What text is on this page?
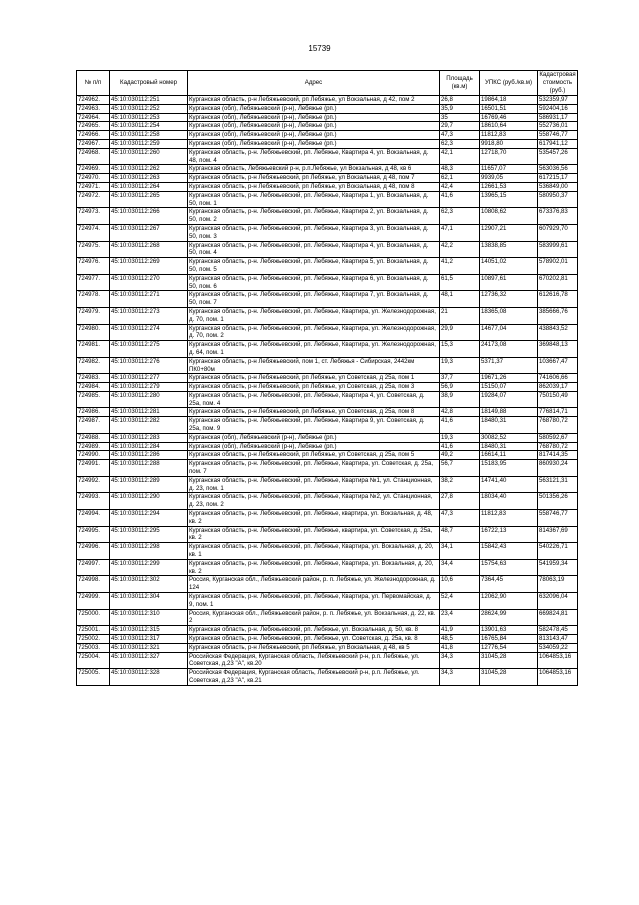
15739
№ п/п	Кадастровый номер	Адрес	Площадь (кв.м)	УПКС (руб./кв.м)	Кадастровая стоимость (руб.)
724962.	45:10:030112:251	Курганская область, р-н Лебяжьевский, рп Лебяжье, ул Вокзальная, д 42, пом 2	26,8	19864,18	532359,97
724963.	45:10:030112:252	Курганская (обл), Лебяжьевский (р-н), Лебяжье (рп.)	35,9	16501,51	592404,16
724964.	45:10:030112:253	Курганская (обл), Лебяжьевский (р-н), Лебяжье (рп.)	35	16769,46	586931,17
724965.	45:10:030112:254	Курганская (обл), Лебяжьевский (р-н), Лебяжье (рп.)	29,7	18610,64	552736,01
724966.	45:10:030112:258	Курганская (обл), Лебяжьевский (р-н), Лебяжье (рп.)	47,3	11812,83	558746,77
724967.	45:10:030112:259	Курганская (обл), Лебяжьевский (р-н), Лебяжье (рп.)	62,3	9918,80	617941,12
724968.	45:10:030112:260	Курганская область, р-н. Лебяжьевский, рп. Лебяжье, Квартира 4, ул. Вокзальная, д. 48, пом. 4	42,1	12718,70	535457,26
724969.	45:10:030112:262	Курганская область, Лебяжьевский р-н, р.п.Лебяжье, ул Вокзальная, д 48, кв 6	48,3	11657,07	563036,56
724970.	45:10:030112:263	Курганская область, р-н Лебяжьевский, рп Лебяжье, ул Вокзальная, д 48, пом 7	62,1	9939,05	617215,17
724971.	45:10:030112:264	Курганская область, р-н Лебяжьевский, рп Лебяжье, ул Вокзальная, д 48, пом 8	42,4	12661,53	536849,00
724972.	45:10:030112:265	Курганская область, р-н. Лебяжьевский, рп. Лебяжье, Квартира 1, ул. Вокзальная, д. 50, пом. 1	41,6	13965,15	580950,37
724973.	45:10:030112:266	Курганская область, р-н. Лебяжьевский, рп. Лебяжье, Квартира 2, ул. Вокзальная, д. 50, пом. 2	62,3	10808,62	673376,83
724974.	45:10:030112:267	Курганская область, р-н. Лебяжьевский, рп. Лебяжье, Квартира 3, ул. Вокзальная, д. 50, пом. 3	47,1	12907,21	607929,70
724975.	45:10:030112:268	Курганская область, р-н. Лебяжьевский, рп. Лебяжье, Квартира 4, ул. Вокзальная, д. 50, пом. 4	42,2	13838,85	583999,61
724976.	45:10:030112:269	Курганская область, р-н. Лебяжьевский, рп. Лебяжье, Квартира 5, ул. Вокзальная, д. 50, пом. 5	41,2	14051,02	578902,01
724977.	45:10:030112:270	Курганская область, р-н. Лебяжьевский, рп. Лебяжье, Квартира 6, ул. Вокзальная, д. 50, пом. 6	61,5	10897,61	670202,81
724978.	45:10:030112:271	Курганская область, р-н. Лебяжьевский, рп. Лебяжье, Квартира 7, ул. Вокзальная, д. 50, пом. 7	48,1	12736,32	612616,78
724979.	45:10:030112:273	Курганская область, р-н. Лебяжьевский, рп. Лебяжье, Квартира, ул. Железнодорожная, д. 70, пом. 1	21	18365,08	385666,76
724980.	45:10:030112:274	Курганская область, р-н. Лебяжьевский, рп. Лебяжье, Квартира, ул. Железнодорожная, д. 70, пом. 2	29,9	14677,04	438843,52
724981.	45:10:030112:275	Курганская область, р-н. Лебяжьевский, рп. Лебяжье, Квартира, ул. Железнодорожная, д. 64, пом. 1	15,3	24173,08	369848,13
724982.	45:10:030112:276	Курганская область, р-н Лебяжьевский, пом 1, ст. Лебяжья - Сибирская, 2442км ПК0+80м	19,3	5371,37	103667,47
724983.	45:10:030112:277	Курганская область, р-н Лебяжьевский, рп Лебяжье, ул Советская, д 25а, пом 1	37,7	19671,26	741606,66
724984.	45:10:030112:279	Курганская область, р-н Лебяжьевский, рп Лебяжье, ул Советская, д 25а, пом 3	56,9	15150,07	862039,17
724985.	45:10:030112:280	Курганская область, р-н. Лебяжьевский, рп. Лебяжье, Квартира 4, ул. Советская, д. 25а, пом. 4	38,9	19284,07	750150,49
724986.	45:10:030112:281	Курганская область, р-н Лебяжьевский, рп Лебяжье, ул Советская, д 25а, пом 8	42,8	18149,88	776814,71
724987.	45:10:030112:282	Курганская область, р-н. Лебяжьевский, рп. Лебяжье, Квартира 9, ул. Советская, д. 25а, пом. 9	41,6	18480,31	768780,72
724988.	45:10:030112:283	Курганская (обл), Лебяжьевский (р-н), Лебяжье (рп.)	19,3	30082,52	580592,67
724989.	45:10:030112:284	Курганская (обл), Лебяжьевский (р-н), Лебяжье (рп.)	41,6	18480,31	768780,72
724990.	45:10:030112:286	Курганская область, р-н Лебяжьевский, рп Лебяжье, ул Советская, д 25а, пом 5	49,2	16614,11	817414,35
724991.	45:10:030112:288	Курганская область, р-н. Лебяжьевский, рп. Лебяжье, Квартира, ул. Советская, д. 25а, пом. 7	56,7	15183,95	860930,24
724992.	45:10:030112:289	Курганская область, р-н. Лебяжьевский, рп. Лебяжье, Квартира №1, ул. Станционная, д. 23, пом. 1	38,2	14741,40	563121,31
724993.	45:10:030112:290	Курганская область, р-н. Лебяжьевский, рп. Лебяжье, Квартира №2, ул. Станционная, д. 23, пом. 2	27,8	18034,40	501356,26
724994.	45:10:030112:294	Курганская область, р-н. Лебяжьевский, рп. Лебяжье, квартира, ул. Вокзальная, д. 48, кв. 2	47,3	11812,83	558746,77
724995.	45:10:030112:295	Курганская область, р-н. Лебяжьевский, рп. Лебяжье, квартира, ул. Советская, д. 25а, кв. 2	48,7	16722,13	814367,69
724996.	45:10:030112:298	Курганская область, р-н. Лебяжьевский, рп. Лебяжье, Квартира, ул. Вокзальная, д. 20, кв. 1	34,1	15842,43	540226,71
724997.	45:10:030112:299	Курганская область, р-н. Лебяжьевский, рп. Лебяжье, Квартира, ул. Вокзальная, д. 20, кв. 2	34,4	15754,63	541959,34
724998.	45:10:030112:302	Россия, Курганская обл., Лебяжьевский район, р. п. Лебяжье, ул. Железнодорожная, д. 124	10,6	7364,45	78063,19
724999.	45:10:030112:304	Курганская область, р-н. Лебяжьевский, рп. Лебяжье, Квартира, ул. Первомайская, д. 9, пом. 1	52,4	12062,90	632096,04
725000.	45:10:030112:310	Россия, Курганская обл., Лебяжьевский район, р. п. Лебяжье, ул. Вокзальная, д. 22, кв. 2	23,4	28624,99	669824,81
725001.	45:10:030112:315	Курганская область, р-н. Лебяжьевский, рп. Лебяжье, ул. Вокзальная, д. 50, кв. 8	41,9	13901,63	582478,45
725002.	45:10:030112:317	Курганская область, р-н. Лебяжьевский, рп. Лебяжье, ул. Советская, д. 25а, кв. 8	48,5	16765,84	813143,47
725003.	45:10:030112:321	Курганская область, р-н Лебяжьевский, рп Лебяжье, ул Вокзальная, д 48, кв 5	41,8	12776,54	534059,22
725004.	45:10:030112:327	Российская Федерация, Курганская область, Лебяжьевский р-н, р.п. Лебяжье, ул. Советская, д.23 "А", кв.20	34,3	31045,28	1064853,16
725005.	45:10:030112:328	Российская Федерация, Курганская область, Лебяжьевский р-н, р.п. Лебяжье, ул. Советская, д.23 "А", кв.21	34,3	31045,28	1064853,16
